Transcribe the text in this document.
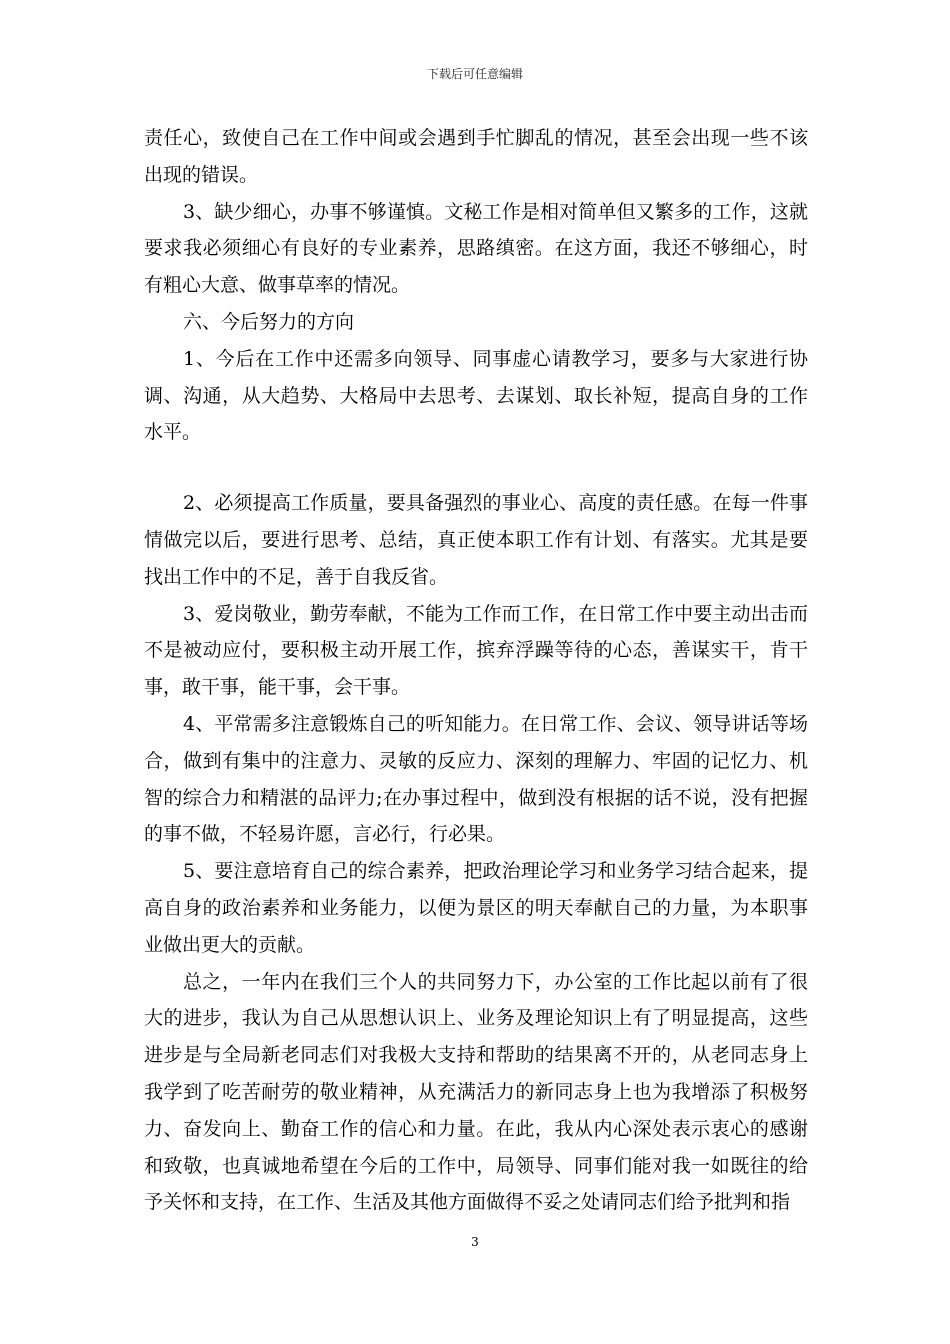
下载后可任意编辑

责任心，致使自己在工作中间或会遇到手忙脚乱的情况，甚至会出现一些不该出现的错误。

3、缺少细心，办事不够谨慎。文秘工作是相对简单但又繁多的工作，这就要求我必须细心有良好的专业素养，思路缜密。在这方面，我还不够细心，时有粗心大意、做事草率的情况。

六、今后努力的方向

1、今后在工作中还需多向领导、同事虚心请教学习，要多与大家进行协调、沟通，从大趋势、大格局中去思考、去谋划、取长补短，提高自身的工作水平。

2、必须提高工作质量，要具备强烈的事业心、高度的责任感。在每一件事情做完以后，要进行思考、总结，真正使本职工作有计划、有落实。尤其是要找出工作中的不足，善于自我反省。

3、爱岗敬业，勤劳奉献，不能为工作而工作，在日常工作中要主动出击而不是被动应付，要积极主动开展工作，摈弃浮躁等待的心态，善谋实干，肯干事，敢干事，能干事，会干事。

4、平常需多注意锻炼自己的听知能力。在日常工作、会议、领导讲话等场合，做到有集中的注意力、灵敏的反应力、深刻的理解力、牢固的记忆力、机智的综合力和精湛的品评力;在办事过程中，做到没有根据的话不说，没有把握的事不做，不轻易许愿，言必行，行必果。

5、要注意培育自己的综合素养，把政治理论学习和业务学习结合起来，提高自身的政治素养和业务能力，以便为景区的明天奉献自己的力量，为本职事业做出更大的贡献。

总之，一年内在我们三个人的共同努力下，办公室的工作比起以前有了很大的进步，我认为自己从思想认识上、业务及理论知识上有了明显提高，这些进步是与全局新老同志们对我极大支持和帮助的结果离不开的，从老同志身上我学到了吃苦耐劳的敬业精神，从充满活力的新同志身上也为我增添了积极努力、奋发向上、勤奋工作的信心和力量。在此，我从内心深处表示衷心的感谢和致敬，也真诚地希望在今后的工作中，局领导、同事们能对我一如既往的给予关怀和支持，在工作、生活及其他方面做得不妥之处请同志们给予批判和指

3
